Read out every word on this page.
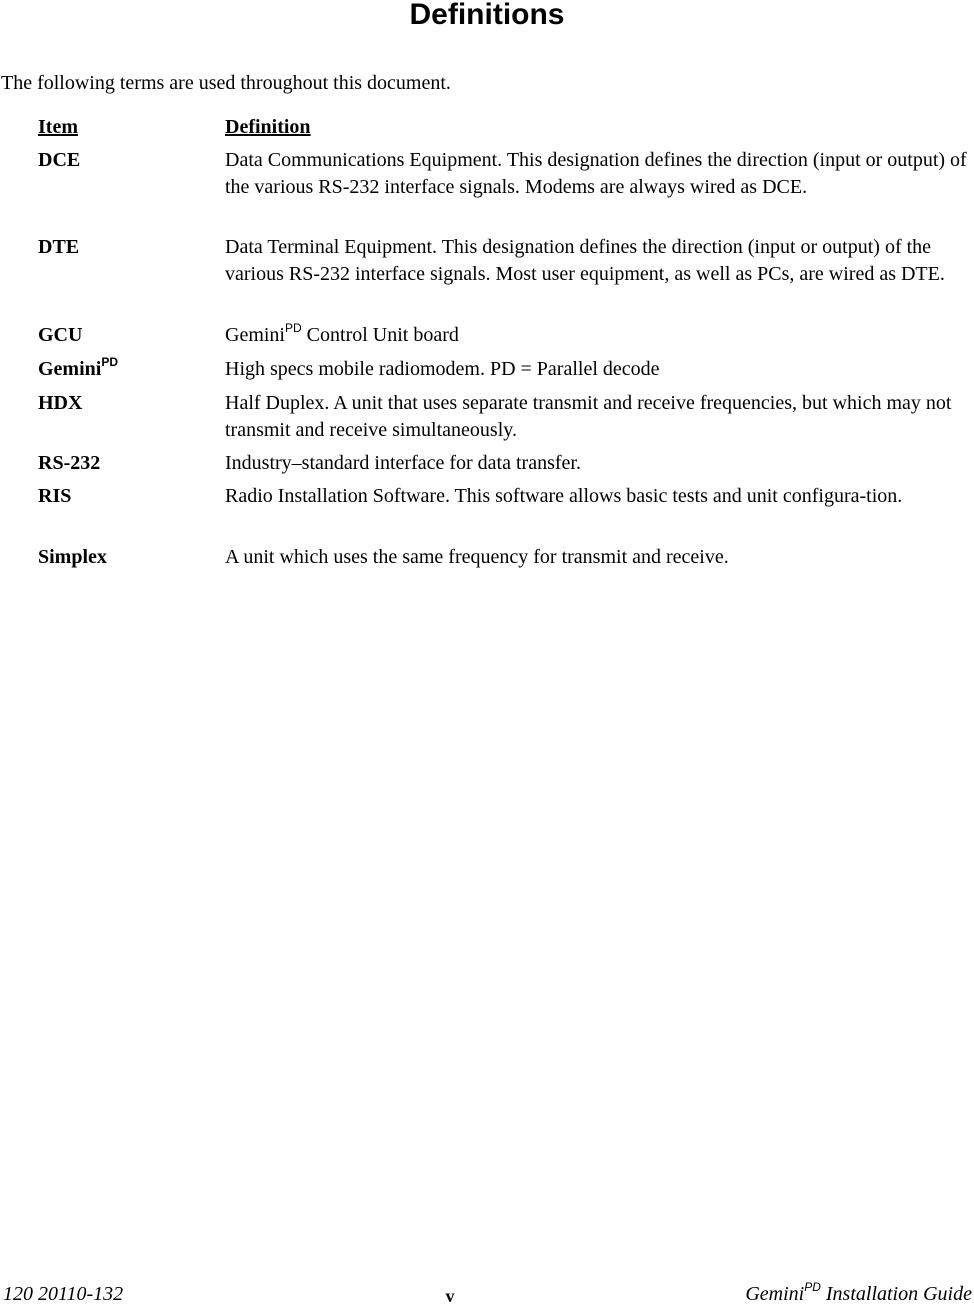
Definitions
The following terms are used throughout this document.
Item	Definition
DCE	Data Communications Equipment. This designation defines the direction (input or output) of the various RS-232 interface signals. Modems are always wired as DCE.
DTE	Data Terminal Equipment. This designation defines the direction (input or output) of the various RS-232 interface signals. Most user equipment, as well as PCs, are wired as DTE.
GCU	Gemini$^{PD}$ Control Unit board
Gemini$^{PD}$	High specs mobile radiomodem. PD = Parallel decode
HDX	Half Duplex. A unit that uses separate transmit and receive frequencies, but which may not transmit and receive simultaneously.
RS-232	Industry–standard interface for data transfer.
RIS	Radio Installation Software. This software allows basic tests and unit configura-tion.
Simplex	A unit which uses the same frequency for transmit and receive.
120 20110-132	v	Gemini$^{PD}$ Installation Guide
